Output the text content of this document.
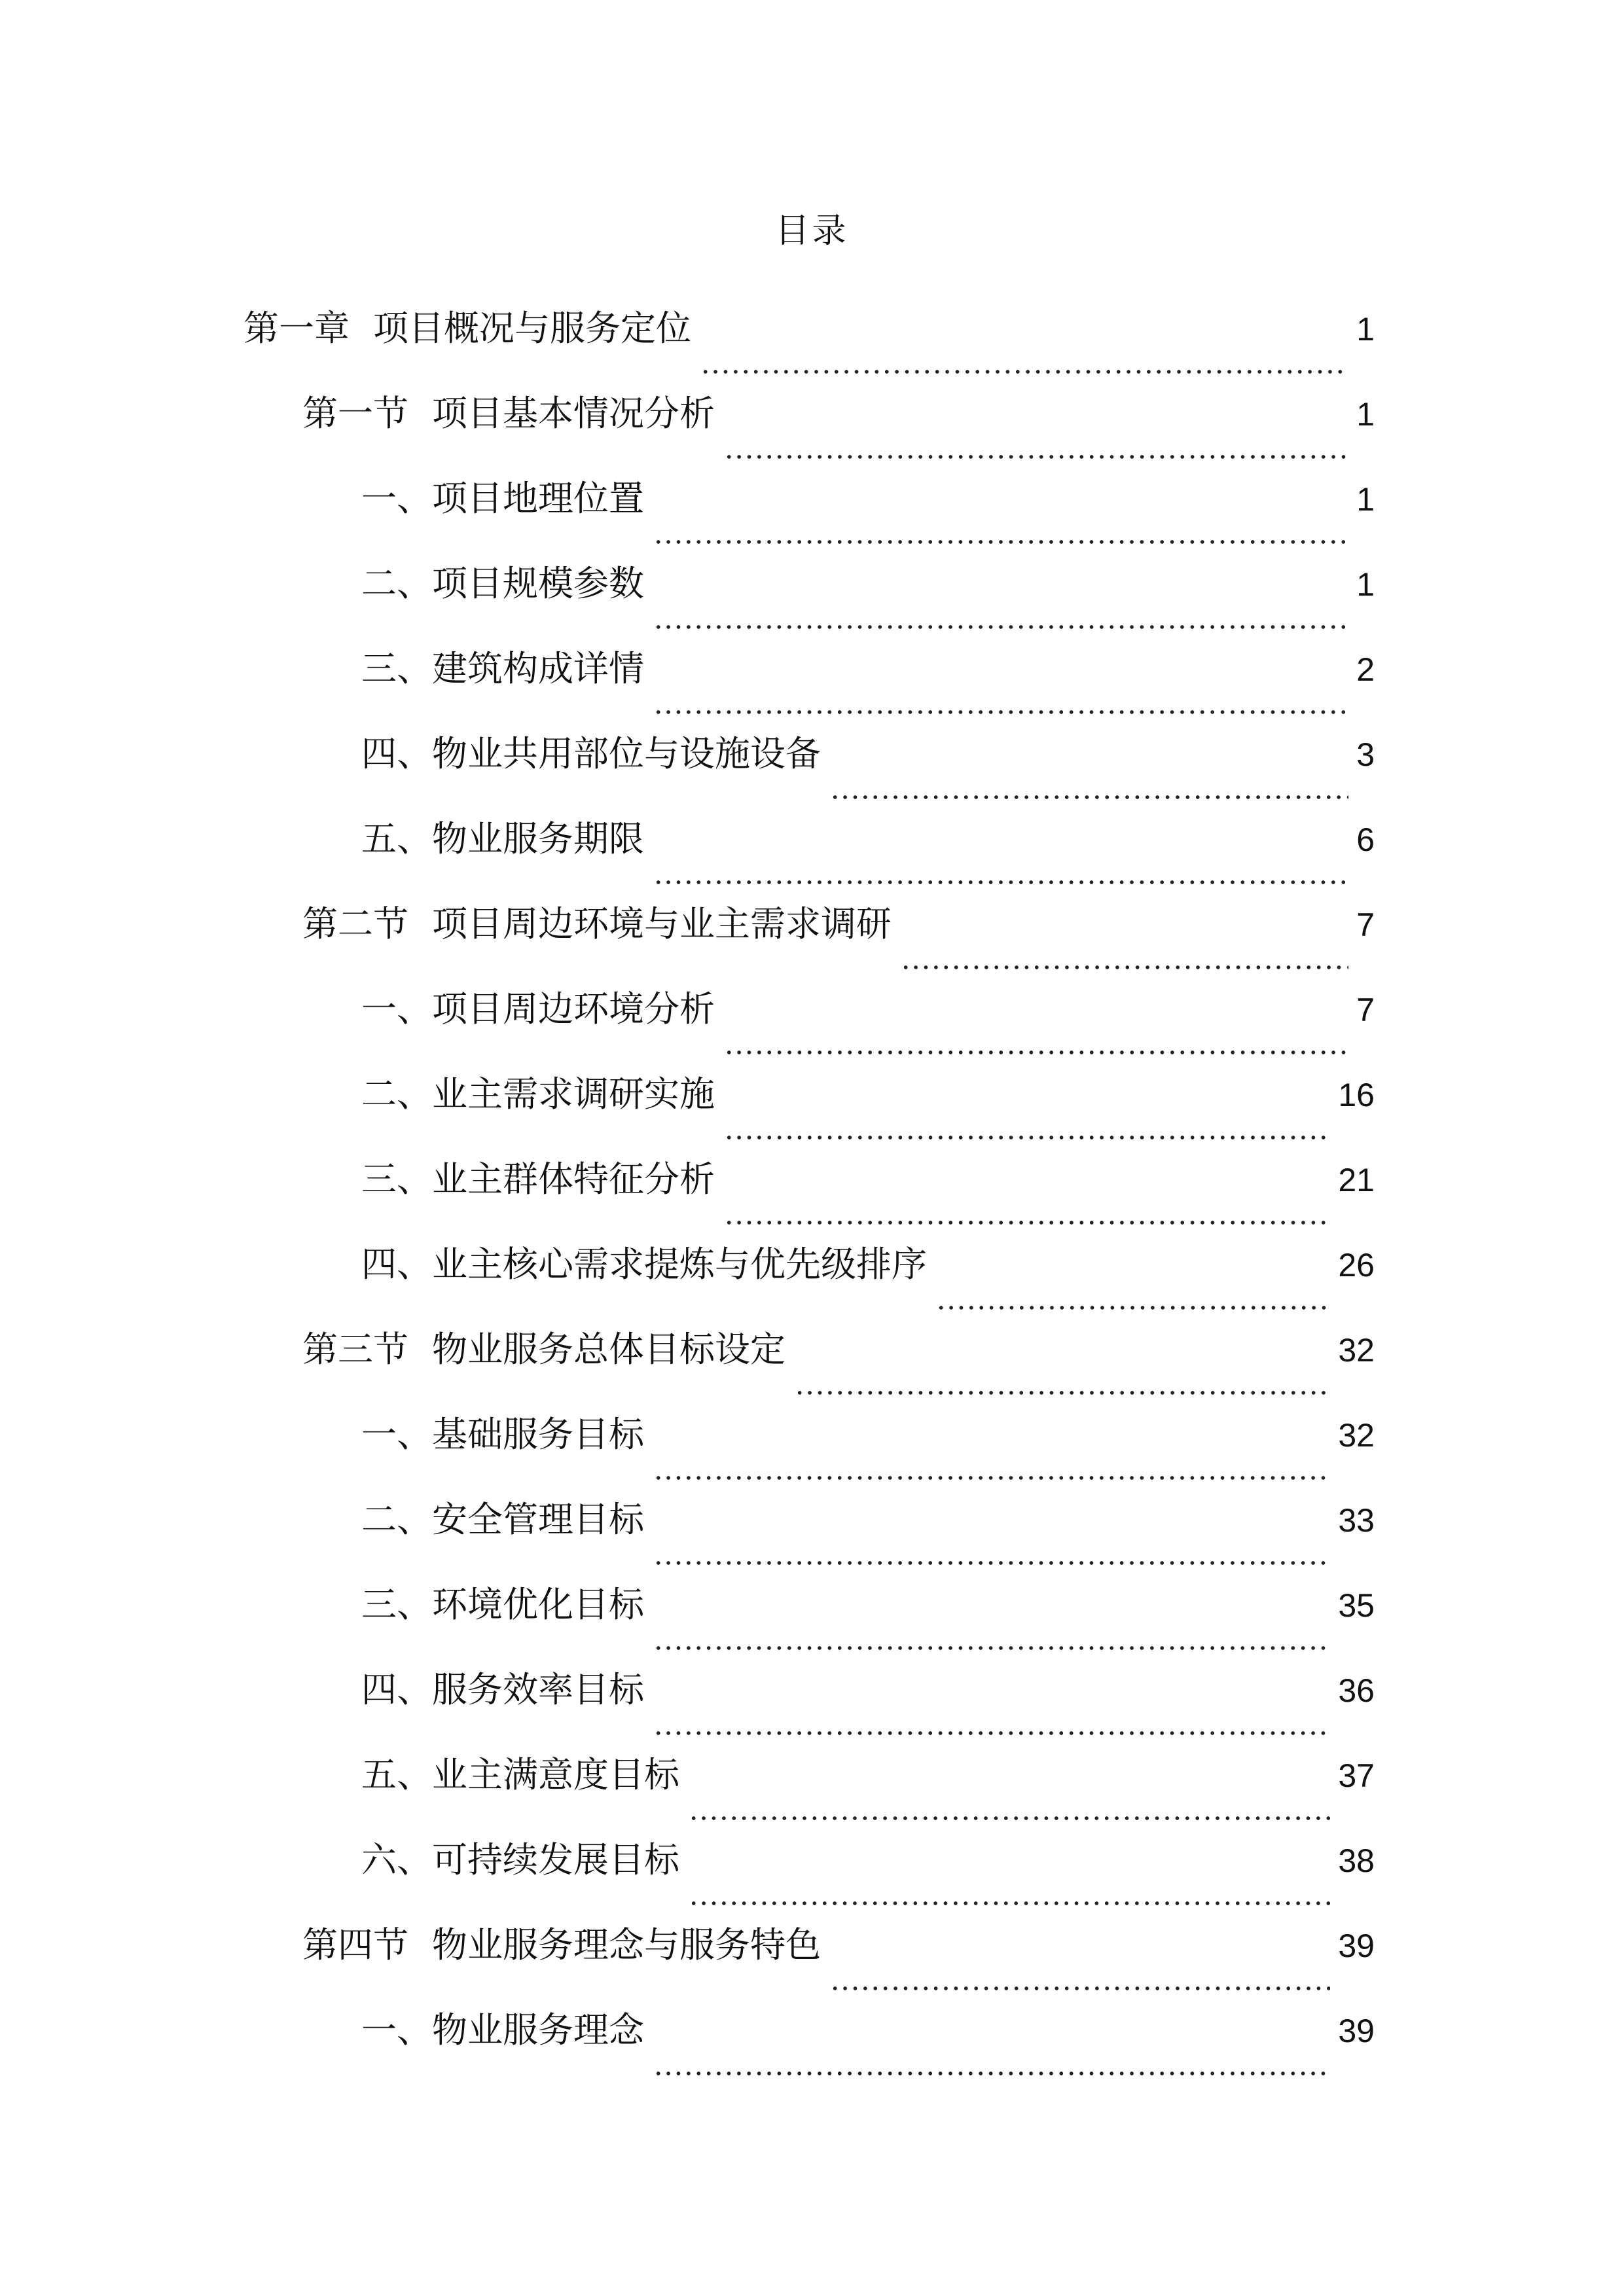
目录
第一章 项目概况与服务定位	1
第一节 项目基本情况分析	1
一、 项目地理位置	1
二、 项目规模参数	1
三、 建筑构成详情	2
四、 物业共用部位与设施设备	3
五、 物业服务期限	6
第二节 项目周边环境与业主需求调研	7
一、 项目周边环境分析	7
二、 业主需求调研实施	16
三、 业主群体特征分析	21
四、 业主核心需求提炼与优先级排序	26
第三节 物业服务总体目标设定	32
一、 基础服务目标	32
二、 安全管理目标	33
三、 环境优化目标	35
四、 服务效率目标	36
五、 业主满意度目标	37
六、 可持续发展目标	38
第四节 物业服务理念与服务特色	39
一、 物业服务理念	39
